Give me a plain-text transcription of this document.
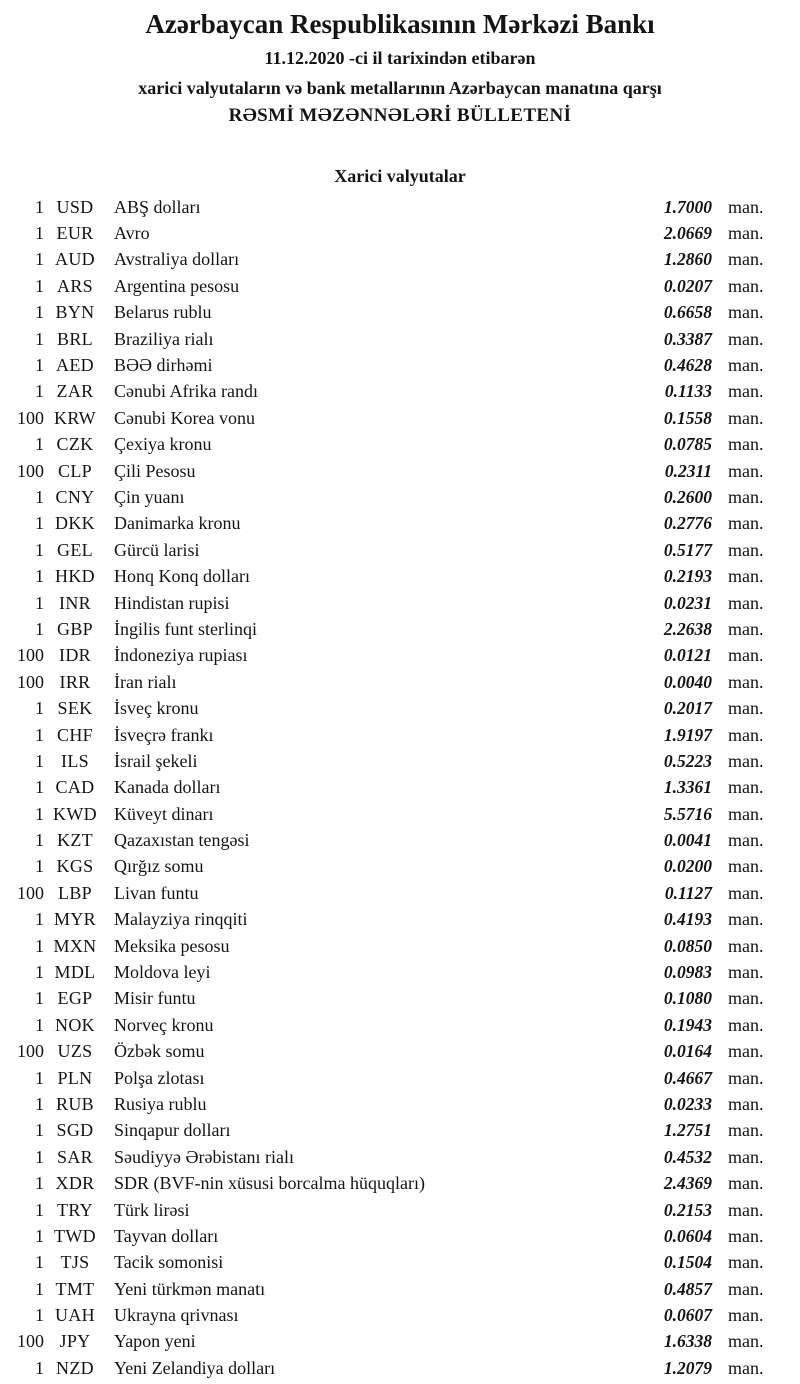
Azərbaycan Respublikasının Mərkəzi Bankı
11.12.2020 -ci il tarixindən etibarən
xarici valyutaların və bank metallarının Azərbaycan manatına qarşı
RƏSMİ MƏZƏNNƏLƏRİ BÜLLETENİ
Xarici valyutalar
1 USD	ABŞ dolları	1.7000 man.
1 EUR	Avro	2.0669 man.
1 AUD	Avstraliya dolları	1.2860 man.
1 ARS	Argentina pesosu	0.0207 man.
1 BYN	Belarus rublu	0.6658 man.
1 BRL	Braziliya rialı	0.3387 man.
1 AED	BƏƏ dirhəmi	0.4628 man.
1 ZAR	Cənubi Afrika randı	0.1133 man.
100 KRW	Cənubi Korea vonu	0.1558 man.
1 CZK	Çexiya kronu	0.0785 man.
100 CLP	Çili Pesosu	0.2311 man.
1 CNY	Çin yuanı	0.2600 man.
1 DKK	Danimarka kronu	0.2776 man.
1 GEL	Gürcü larisi	0.5177 man.
1 HKD	Honq Konq dolları	0.2193 man.
1 INR	Hindistan rupisi	0.0231 man.
1 GBP	İngilis funt sterlinqi	2.2638 man.
100 IDR	İndoneziya rupiası	0.0121 man.
100 IRR	İran rialı	0.0040 man.
1 SEK	İsveç kronu	0.2017 man.
1 CHF	İsveçrə frankı	1.9197 man.
1 ILS	İsrail şekeli	0.5223 man.
1 CAD	Kanada dolları	1.3361 man.
1 KWD Küveyt dinarı	5.5716 man.
1 KZT	Qazaxıstan tengəsi	0.0041 man.
1 KGS	Qırğız somu	0.0200 man.
100 LBP	Livan funtu	0.1127 man.
1 MYR	Malayziya rinqqiti	0.4193 man.
1 MXN Meksika pesosu	0.0850 man.
1 MDL	Moldova leyi	0.0983 man.
1 EGP	Misir funtu	0.1080 man.
1 NOK	Norveç kronu	0.1943 man.
100 UZS	Özbək somu	0.0164 man.
1 PLN	Polşa zlotası	0.4667 man.
1 RUB	Rusiya rublu	0.0233 man.
1 SGD	Sinqapur dolları	1.2751 man.
1 SAR	Səudiyyə Ərəbistanı rialı	0.4532 man.
1 XDR	SDR (BVF-nin xüsusi borcalma hüquqları)	2.4369 man.
1 TRY	Türk lirəsi	0.2153 man.
1 TWD	Tayvan dolları	0.0604 man.
1 TJS	Tacik somonisi	0.1504 man.
1 TMT	Yeni türkmən manatı	0.4857 man.
1 UAH	Ukrayna qrivnası	0.0607 man.
100 JPY	Yapon yeni	1.6338 man.
1 NZD	Yeni Zelandiya dolları	1.2079 man.
